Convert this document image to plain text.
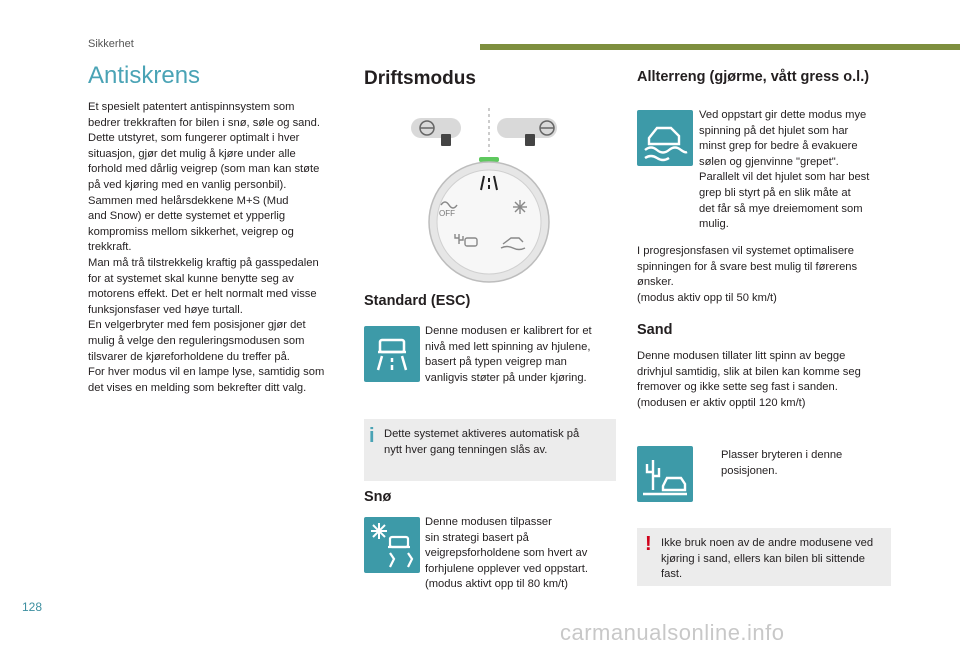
Sikkerhet
Antiskrens

Et spesielt patentert antispinnsystem som
bedrer trekkraften for bilen i snø, søle og sand.
Dette utstyret, som fungerer optimalt i hver
situasjon, gjør det mulig å kjøre under alle
forhold med dårlig veigrep (som man kan støte
på ved kjøring med en vanlig personbil).
Sammen med helårsdekkene M+S (Mud
and Snow) er dette systemet et ypperlig
kompromiss mellom sikkerhet, veigrep og
trekkraft.
Man må trå tilstrekkelig kraftig på gasspedalen
for at systemet skal kunne benytte seg av
motorens effekt. Det er helt normalt med visse
funksjonsfaser ved høye turtall.
En velgerbryter med fem posisjoner gjør det
mulig å velge den reguleringsmodusen som
tilsvarer de kjøreforholdene du treffer på.
For hver modus vil en lampe lyse, samtidig som
det vises en melding som bekrefter ditt valg.

Driftsmodus
OFF
Standard (ESC)

Denne modusen er kalibrert for et
nivå med lett spinning av hjulene,
basert på typen veigrep man
vanligvis støter på under kjøring.

i Dette systemet aktiveres automatisk på
nytt hver gang tenningen slås av.

Snø

Denne modusen tilpasser
sin strategi basert på
veigrepsforholdene som hvert av
forhjulene opplever ved oppstart.
(modus aktivt opp til 80 km/t)

Allterreng (gjørme, vått gress o.l.)

Ved oppstart gir dette modus mye
spinning på det hjulet som har
minst grep for bedre å evakuere
sølen og gjenvinne "grepet".
Parallelt vil det hjulet som har best
grep bli styrt på en slik måte at
det får så mye dreiemoment som
mulig.

I progresjonsfasen vil systemet optimalisere
spinningen for å svare best mulig til førerens
ønsker.
(modus aktiv opp til 50 km/t)

Sand

Denne modusen tillater litt spinn av begge
drivhjul samtidig, slik at bilen kan komme seg
fremover og ikke sette seg fast i sanden.
(modusen er aktiv opptil 120 km/t)

Plasser bryteren i denne
posisjonen.

! Ikke bruk noen av de andre modusene ved
kjøring i sand, ellers kan bilen bli sittende
fast.

128
carmanualsonline.info
